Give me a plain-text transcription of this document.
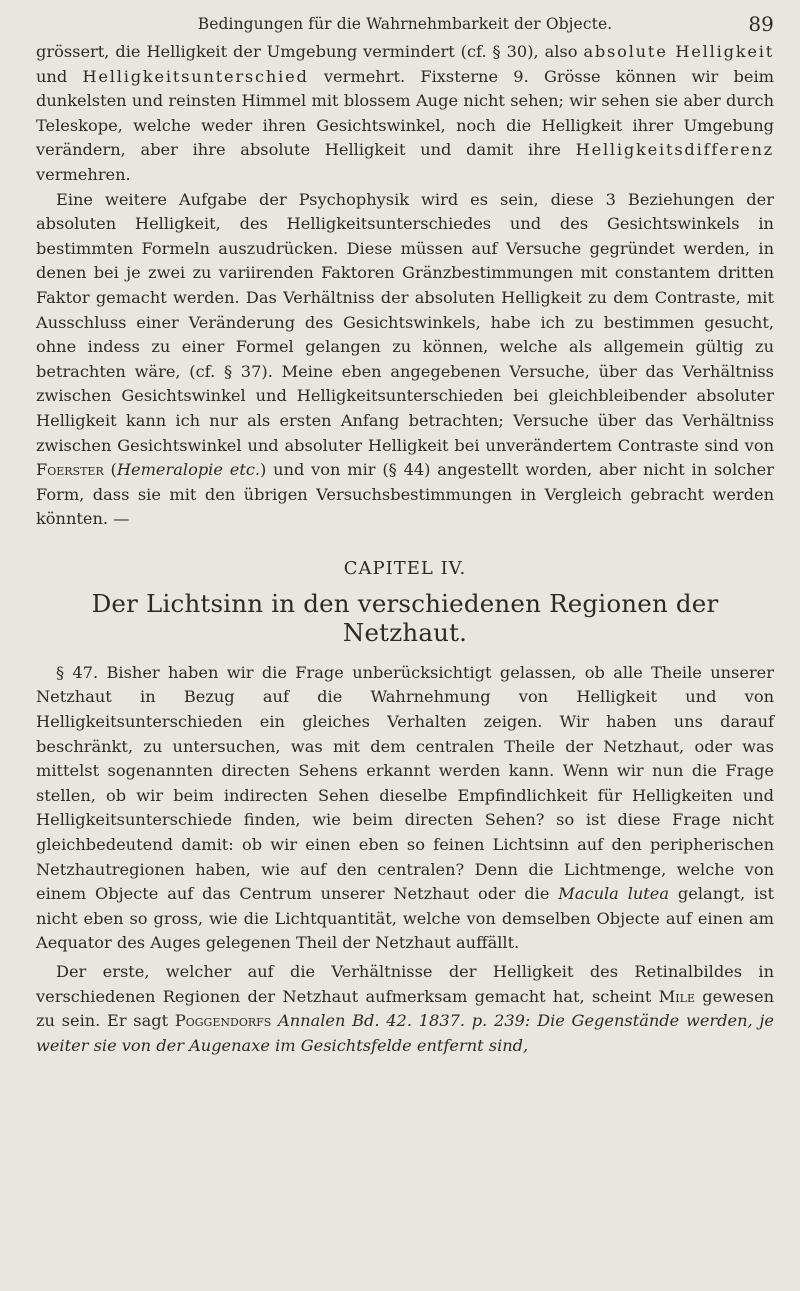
Bedingungen für die Wahrnehmbarkeit der Objecte.	89

grössert, die Helligkeit der Umgebung vermindert (cf. § 30), also absolute Helligkeit und Helligkeitsunterschied vermehrt. Fixsterne 9. Grösse können wir beim dunkelsten und reinsten Himmel mit blossem Auge nicht sehen; wir sehen sie aber durch Teleskope, welche weder ihren Gesichtswinkel, noch die Helligkeit ihrer Umgebung verändern, aber ihre absolute Helligkeit und damit ihre Helligkeitsdifferenz vermehren.

Eine weitere Aufgabe der Psychophysik wird es sein, diese 3 Beziehungen der absoluten Helligkeit, des Helligkeitsunterschiedes und des Gesichtswinkels in bestimmten Formeln auszudrücken. Diese müssen auf Versuche gegründet werden, in denen bei je zwei zu variirenden Faktoren Gränzbestimmungen mit constantem dritten Faktor gemacht werden. Das Verhältniss der absoluten Helligkeit zu dem Contraste, mit Ausschluss einer Veränderung des Gesichtswinkels, habe ich zu bestimmen gesucht, ohne indess zu einer Formel gelangen zu können, welche als allgemein gültig zu betrachten wäre, (cf. § 37). Meine eben angegebenen Versuche, über das Verhältniss zwischen Gesichtswinkel und Helligkeitsunterschieden bei gleichbleibender absoluter Helligkeit kann ich nur als ersten Anfang betrachten; Versuche über das Verhältniss zwischen Gesichtswinkel und absoluter Helligkeit bei unverändertem Contraste sind von Foerster (Hemeralopie etc.) und von mir (§ 44) angestellt worden, aber nicht in solcher Form, dass sie mit den übrigen Versuchsbestimmungen in Vergleich gebracht werden könnten. —

CAPITEL IV.
Der Lichtsinn in den verschiedenen Regionen der Netzhaut.

§ 47. Bisher haben wir die Frage unberücksichtigt gelassen, ob alle Theile unserer Netzhaut in Bezug auf die Wahrnehmung von Helligkeit und von Helligkeitsunterschieden ein gleiches Verhalten zeigen. Wir haben uns darauf beschränkt, zu untersuchen, was mit dem centralen Theile der Netzhaut, oder was mittelst sogenannten directen Sehens erkannt werden kann. Wenn wir nun die Frage stellen, ob wir beim indirecten Sehen dieselbe Empfindlichkeit für Helligkeiten und Helligkeitsunterschiede finden, wie beim directen Sehen? so ist diese Frage nicht gleichbedeutend damit: ob wir einen eben so feinen Lichtsinn auf den peripherischen Netzhautregionen haben, wie auf den centralen? Denn die Lichtmenge, welche von einem Objecte auf das Centrum unserer Netzhaut oder die Macula lutea gelangt, ist nicht eben so gross, wie die Lichtquantität, welche von demselben Objecte auf einen am Aequator des Auges gelegenen Theil der Netzhaut auffällt.

Der erste, welcher auf die Verhältnisse der Helligkeit des Retinalbildes in verschiedenen Regionen der Netzhaut aufmerksam gemacht hat, scheint Mile gewesen zu sein. Er sagt Poggendorfs Annalen Bd. 42. 1837. p. 239: Die Gegenstände werden, je weiter sie von der Augenaxe im Gesichtsfelde entfernt sind,
